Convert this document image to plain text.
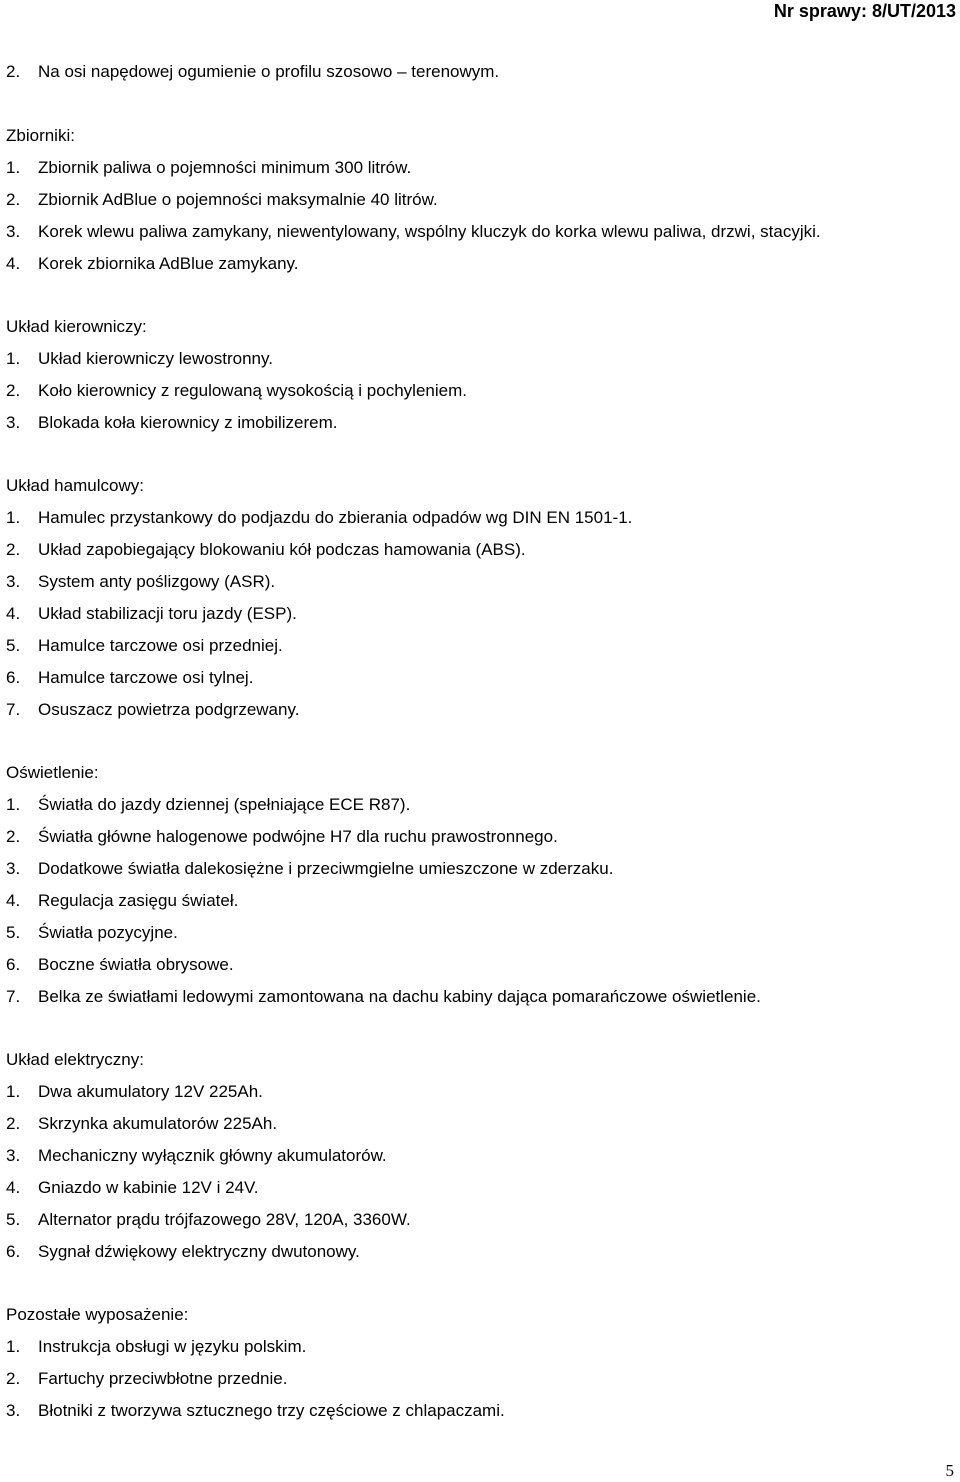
Nr sprawy: 8/UT/2013
2. Na osi napędowej ogumienie o profilu szosowo – terenowym.
Zbiorniki:
1. Zbiornik paliwa o pojemności minimum 300 litrów.
2. Zbiornik AdBlue o pojemności maksymalnie 40 litrów.
3. Korek wlewu paliwa zamykany, niewentylowany, wspólny kluczyk do korka wlewu paliwa, drzwi, stacyjki.
4. Korek zbiornika AdBlue zamykany.
Układ kierowniczy:
1. Układ kierowniczy lewostronny.
2. Koło kierownicy z regulowaną wysokością i pochyleniem.
3. Blokada koła kierownicy z imobilizerem.
Układ hamulcowy:
1. Hamulec przystankowy do podjazdu do zbierania odpadów wg DIN EN 1501-1.
2. Układ zapobiegający blokowaniu kół podczas hamowania (ABS).
3. System anty poślizgowy (ASR).
4. Układ stabilizacji toru jazdy (ESP).
5. Hamulce tarczowe osi przedniej.
6. Hamulce tarczowe osi tylnej.
7. Osuszacz powietrza podgrzewany.
Oświetlenie:
1. Światła do jazdy dziennej (spełniające ECE R87).
2. Światła główne halogenowe podwójne H7 dla ruchu prawostronnego.
3. Dodatkowe światła dalekosiężne i przeciwmgielne umieszczone w zderzaku.
4. Regulacja zasięgu świateł.
5. Światła pozycyjne.
6. Boczne światła obrysowe.
7. Belka ze światłami ledowymi zamontowana na dachu kabiny dająca pomarańczowe oświetlenie.
Układ elektryczny:
1. Dwa akumulatory 12V 225Ah.
2. Skrzynka akumulatorów 225Ah.
3. Mechaniczny wyłącznik główny akumulatorów.
4. Gniazdo w kabinie 12V i 24V.
5. Alternator prądu trójfazowego 28V, 120A, 3360W.
6. Sygnał dźwiękowy elektryczny dwutonowy.
Pozostałe wyposażenie:
1. Instrukcja obsługi w języku polskim.
2. Fartuchy przeciwbłotne przednie.
3. Błotniki z tworzywa sztucznego trzy częściowe z chlapaczami.
5
